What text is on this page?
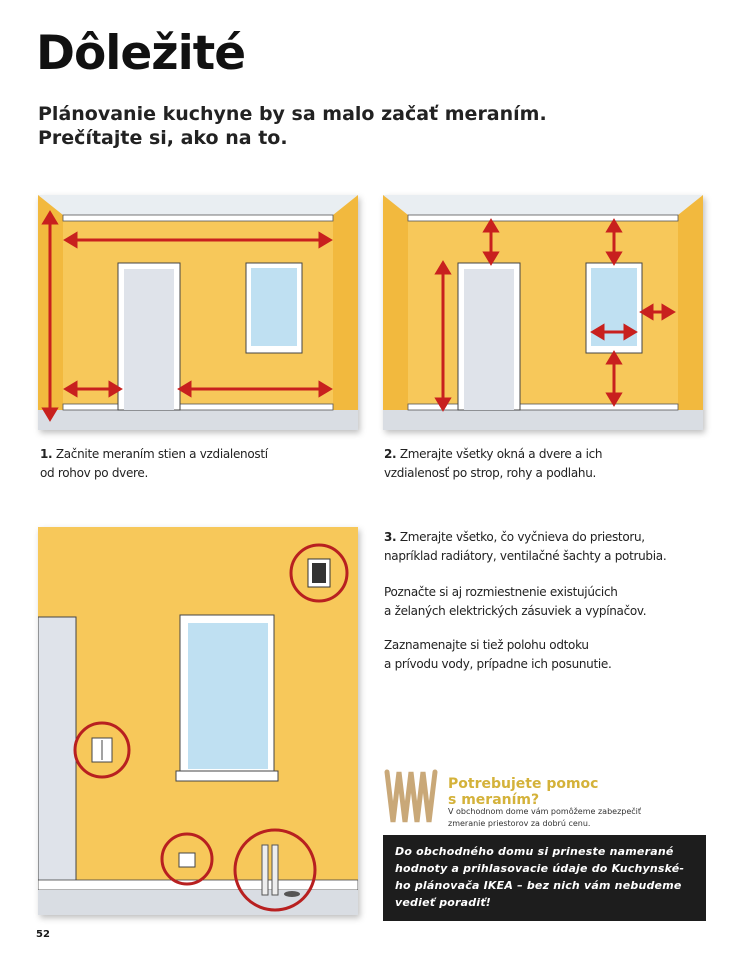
Dôležité
Plánovanie kuchyne by sa malo začať meraním.
Prečítajte si, ako na to.
1. Začnite meraním stien a vzdialeností
od rohov po dvere.
2. Zmerajte všetky okná a dvere a ich
vzdialenosť po strop, rohy a podlahu.
3. Zmerajte všetko, čo vyčnieva do priestoru,
napríklad radiátory, ventilačné šachty a potrubia.
Poznačte si aj rozmiestnenie existujúcich
a želaných elektrických zásuviek a vypínačov.
Zaznamenajte si tiež polohu odtoku
a prívodu vody, prípadne ich posunutie.
Potrebujete pomoc
s meraním?
V obchodnom dome vám pomôžeme zabezpečiť
zmeranie priestorov za dobrú cenu.
Do obchodného domu si prineste namerané
hodnoty a prihlasovacie údaje do Kuchynské-
ho plánovača IKEA – bez nich vám nebudeme
vedieť poradiť!
52
